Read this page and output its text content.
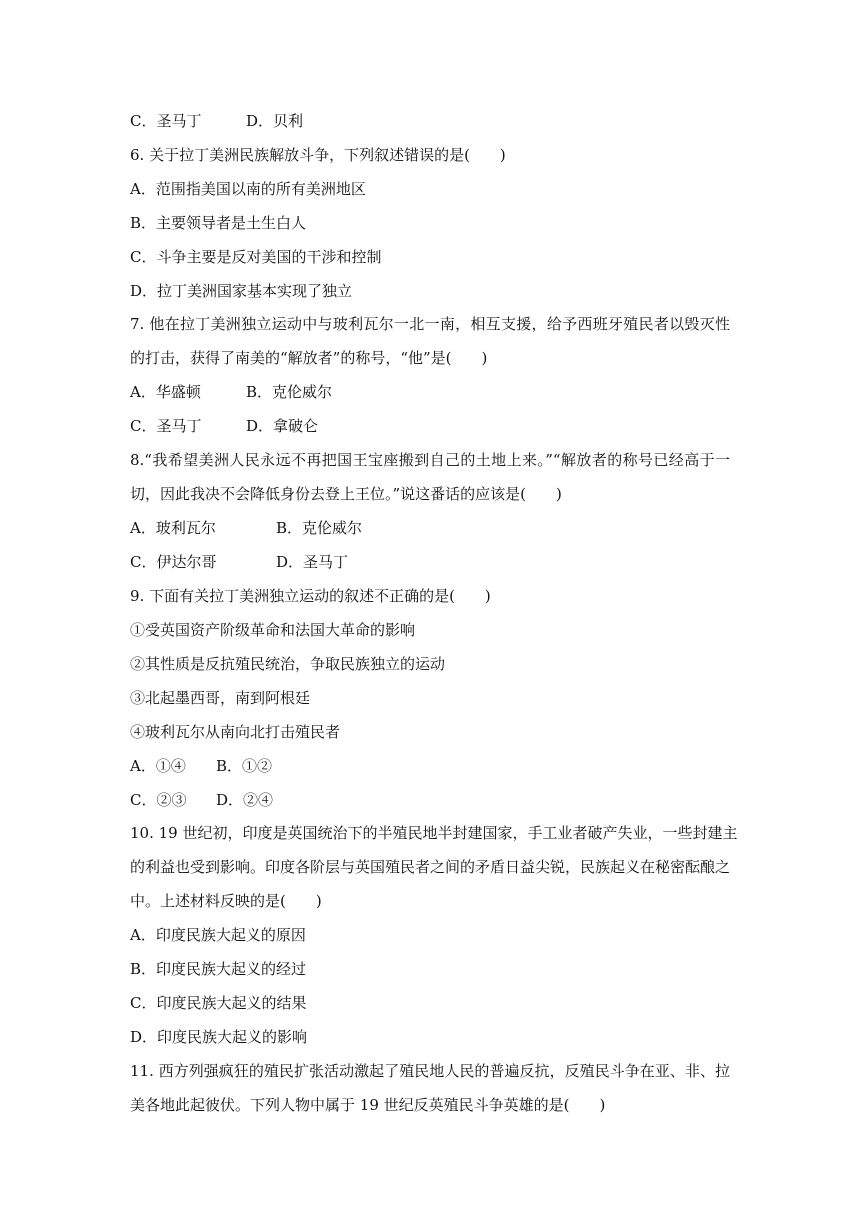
C．圣马丁	D．贝利
6. 关于拉丁美洲民族解放斗争，下列叙述错误的是(　　)
A．范围指美国以南的所有美洲地区
B．主要领导者是土生白人
C．斗争主要是反对美国的干涉和控制
D．拉丁美洲国家基本实现了独立
7. 他在拉丁美洲独立运动中与玻利瓦尔一北一南，相互支援，给予西班牙殖民者以毁灭性
的打击，获得了南美的“解放者”的称号，“他”是(　　)
A．华盛顿	B．克伦威尔
C．圣马丁	D．拿破仑
8.“我希望美洲人民永远不再把国王宝座搬到自己的土地上来。”“解放者的称号已经高于一
切，因此我决不会降低身份去登上王位。”说这番话的应该是(　　)
A．玻利瓦尔	B．克伦威尔
C．伊达尔哥	D．圣马丁
9. 下面有关拉丁美洲独立运动的叙述不正确的是(　　)
①受英国资产阶级革命和法国大革命的影响
②其性质是反抗殖民统治，争取民族独立的运动
③北起墨西哥，南到阿根廷
④玻利瓦尔从南向北打击殖民者
A．①④ B．①②
C．②③ D．②④
10. 19 世纪初，印度是英国统治下的半殖民地半封建国家，手工业者破产失业，一些封建主
的利益也受到影响。印度各阶层与英国殖民者之间的矛盾日益尖锐，民族起义在秘密酝酿之
中。上述材料反映的是(　　)
A．印度民族大起义的原因
B．印度民族大起义的经过
C．印度民族大起义的结果
D．印度民族大起义的影响
11. 西方列强疯狂的殖民扩张活动激起了殖民地人民的普遍反抗，反殖民斗争在亚、非、拉
美各地此起彼伏。下列人物中属于 19 世纪反英殖民斗争英雄的是(　　)
